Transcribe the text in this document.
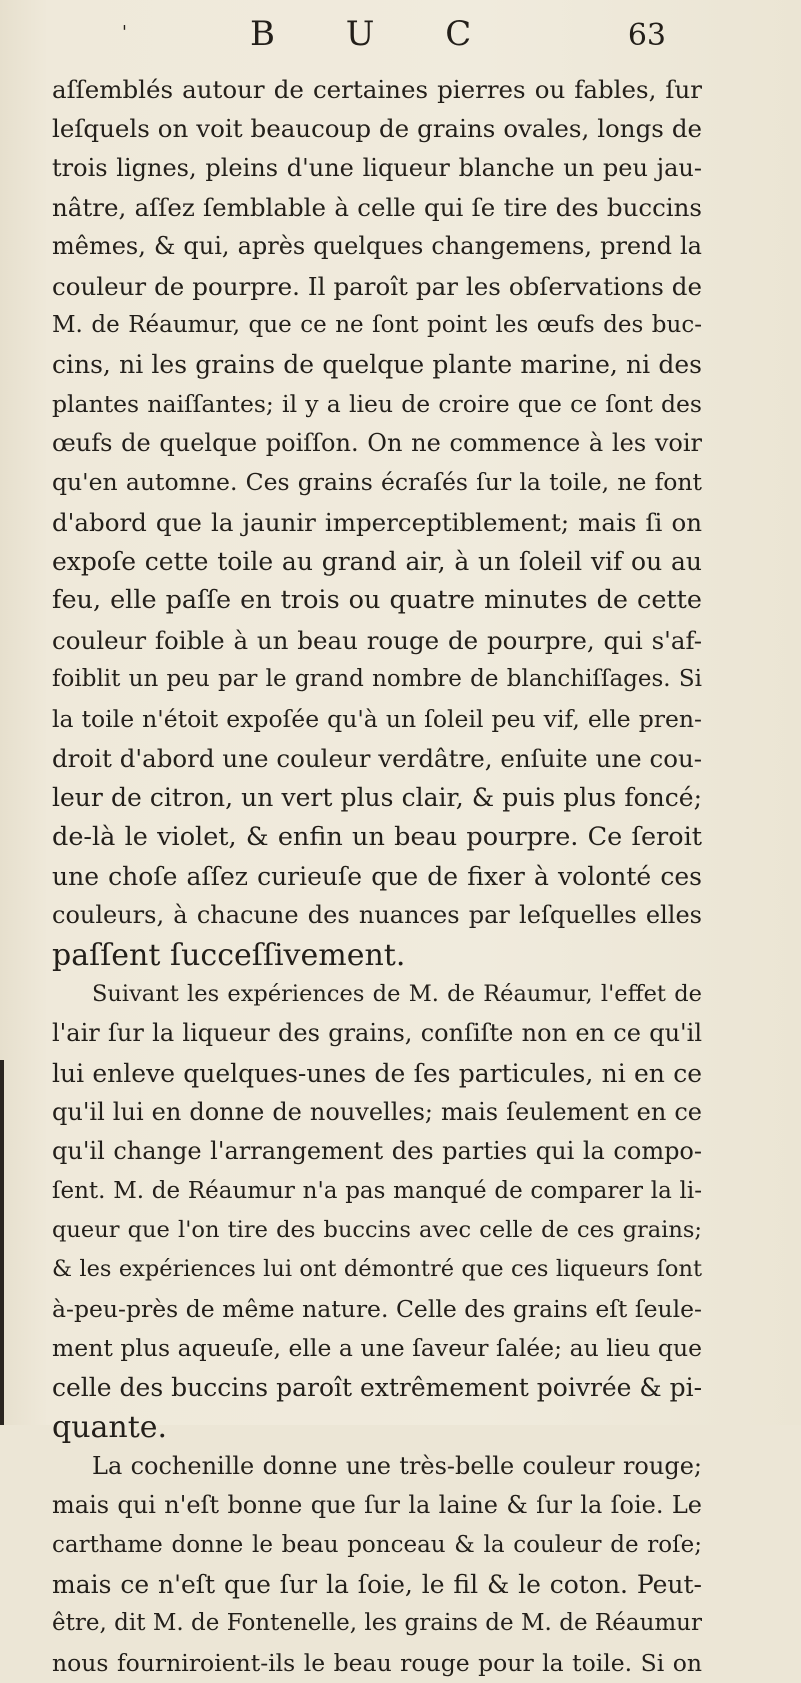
'	B U C	63
aſſemblés autour de certaines pierres ou fables, ſur
leſquels on voit beaucoup de grains ovales, longs de
trois lignes, pleins d'une liqueur blanche un peu jau-
nâtre, aſſez ſemblable à celle qui ſe tire des buccins
mêmes, & qui, après quelques changemens, prend la
couleur de pourpre. Il paroît par les obſervations de
M. de Réaumur, que ce ne ſont point les œufs des buc-
cins, ni les grains de quelque plante marine, ni des
plantes naiſſantes; il y a lieu de croire que ce ſont des
œufs de quelque poiſſon. On ne commence à les voir
qu'en automne. Ces grains écraſés ſur la toile, ne font
d'abord que la jaunir imperceptiblement; mais ſi on
expoſe cette toile au grand air, à un ſoleil vif ou au
feu, elle paſſe en trois ou quatre minutes de cette
couleur foible à un beau rouge de pourpre, qui s'af-
foiblit un peu par le grand nombre de blanchiſſages. Si
la toile n'étoit expoſée qu'à un ſoleil peu vif, elle pren-
droit d'abord une couleur verdâtre, enſuite une cou-
leur de citron, un vert plus clair, & puis plus foncé;
de-là le violet, & enfin un beau pourpre. Ce ſeroit
une choſe aſſez curieuſe que de fixer à volonté ces
couleurs, à chacune des nuances par leſquelles elles
paſſent ſucceſſivement.
Suivant les expériences de M. de Réaumur, l'effet de
l'air ſur la liqueur des grains, conſiſte non en ce qu'il
lui enleve quelques-unes de ſes particules, ni en ce
qu'il lui en donne de nouvelles; mais ſeulement en ce
qu'il change l'arrangement des parties qui la compo-
ſent. M. de Réaumur n'a pas manqué de comparer la li-
queur que l'on tire des buccins avec celle de ces grains;
& les expériences lui ont démontré que ces liqueurs ſont
à-peu-près de même nature. Celle des grains eſt ſeule-
ment plus aqueuſe, elle a une ſaveur ſalée; au lieu que
celle des buccins paroît extrêmement poivrée & pi-
quante.
La cochenille donne une très-belle couleur rouge;
mais qui n'eſt bonne que ſur la laine & ſur la ſoie. Le
carthame donne le beau ponceau & la couleur de roſe;
mais ce n'eſt que ſur la ſoie, le fil & le coton. Peut-
être, dit M. de Fontenelle, les grains de M. de Réaumur
nous fourniroient-ils le beau rouge pour la toile. Si on
